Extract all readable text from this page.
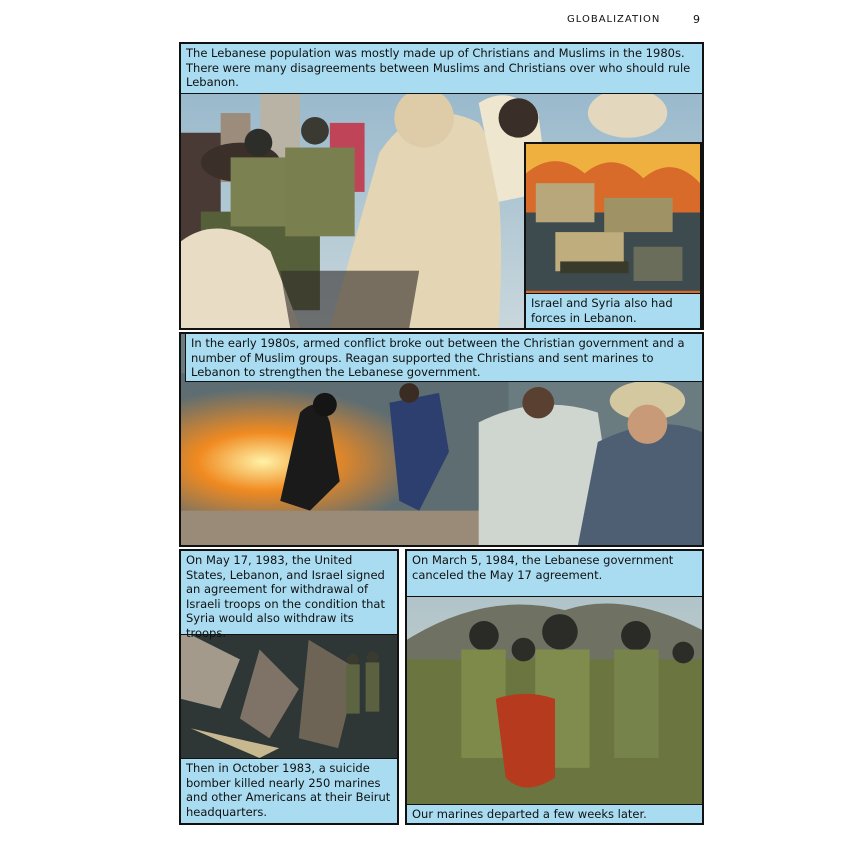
GLOBALIZATION	9
The Lebanese population was mostly made up of Christians and Muslims in the 1980s. There were many disagreements between Muslims and Christians over who should rule Lebanon.
Israel and Syria also had forces in Lebanon.
In the early 1980s, armed conflict broke out between the Christian government and a number of Muslim groups. Reagan supported the Christians and sent marines to Lebanon to strengthen the Lebanese government.
On May 17, 1983, the United States, Lebanon, and Israel signed an agreement for withdrawal of Israeli troops on the condition that Syria would also withdraw its troops.
Then in October 1983, a suicide bomber killed nearly 250 marines and other Americans at their Beirut headquarters.
On March 5, 1984, the Lebanese government canceled the May 17 agreement.
Our marines departed a few weeks later.
